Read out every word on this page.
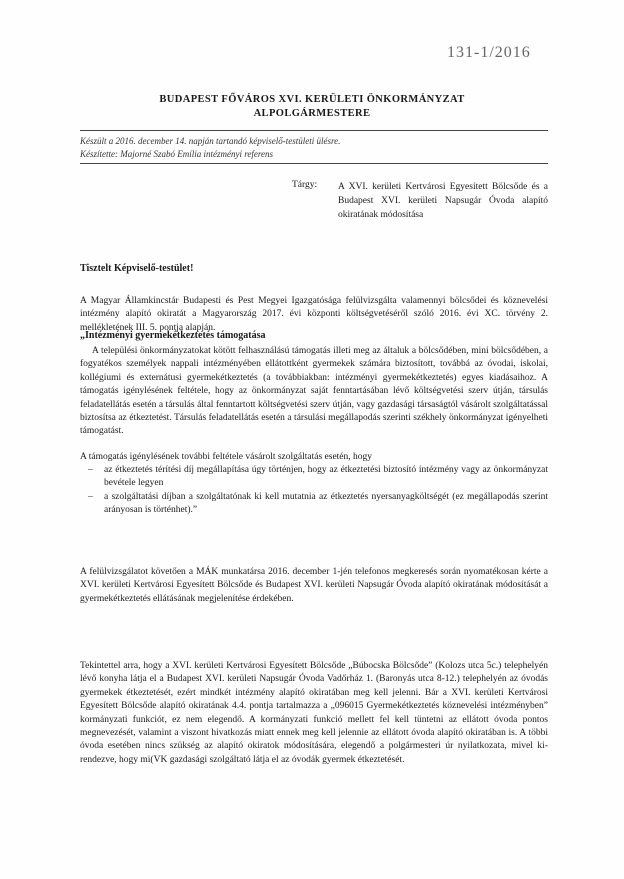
131-1/2016
BUDAPEST FŐVÁROS XVI. KERÜLETI ÖNKORMÁNYZAT
ALPOLGÁRMESTERE
Készült a 2016. december 14. napján tartandó képviselő-testületi ülésre.
Készítette: Majorné Szabó Emília intézményi referens
Tárgy: A XVI. kerületi Kertvárosi Egyesített Bölcsőde és a Budapest XVI. kerületi Napsugár Óvoda alapító okiratának módosítása
Tisztelt Képviselő-testület!

A Magyar Államkincstár Budapesti és Pest Megyei Igazgatósága felülvizsgálta valamennyi bölcsődei és köznevelési intézmény alapító okiratát a Magyarország 2017. évi központi költségvetéséről szóló 2016. évi XC. törvény 2. mellékletének III. 5. pontja alapján.

„Intézményi gyermekétkeztetés támogatása

A települési önkormányzatokat kötött felhasználású támogatás illeti meg az általuk a bölcsődében, mini bölcsődében, a fogyatékos személyek nappali intézményében ellátottként gyermekek számára biztosított, továbbá az óvodai, iskolai, kollégiumi és externátusi gyermekétkeztetés (a továbbiakban: intézményi gyermekétkeztetés) egyes kiadásaihoz. A támogatás igénylésének feltétele, hogy az önkormányzat saját fenntartásában lévő költségvetési szerv útján, társulás feladatellátás esetén a társulás által fenntartott költségvetési szerv útján, vagy gazdasági társaságtól vásárolt szolgáltatással biztosítsa az étkeztetést. Társulás feladatellátás esetén a társulási megállapodás szerinti székhely önkormányzat igényelheti támogatást.

A támogatás igénylésének további feltétele vásárolt szolgáltatás esetén, hogy

– az étkeztetés térítési díj megállapítása úgy történjen, hogy az étkeztetési biztosító intézmény vagy az önkormányzat bevétele legyen
– a szolgáltatási díjban a szolgáltatónak ki kell mutatnia az étkeztetés nyersanyagköltségét (ez megállapodás szerint arányosan is történhet).”

A felülvizsgálatot követően a MÁK munkatársa 2016. december 1-jén telefonos megkeresés során nyomatékosan kérte a XVI. kerületi Kertvárosi Egyesített Bölcsőde és Budapest XVI. kerületi Napsugár Óvoda alapító okiratának módosítását a gyermekétkeztetés ellátásának megjelenítése érdekében.

Tekintettel arra, hogy a XVI. kerületi Kertvárosi Egyesített Bölcsőde „Búbocska Bölcsőde” (Kolozs utca 5c.) telephelyén lévő konyha látja el a Budapest XVI. kerületi Napsugár Óvoda Vadőrház 1. (Baronyás utca 8-12.) telephelyén az óvodás gyermekek étkeztetését, ezért mindkét intézmény alapító okiratában meg kell jelenni. Bár a XVI. kerületi Kertvárosi Egyesített Bölcsőde alapító okiratának 4.4. pontja tartalmazza a „096015 Gyermekétkeztetés köznevelési intézményben” kormányzati funkciót, ez nem elegendő. A kormányzati funkció mellett fel kell tüntetni az ellátott óvoda pontos megnevezését, valamint a viszont hivatkozás miatt ennek meg kell jelennie az ellátott óvoda alapító okiratában is. A többi óvoda esetében nincs szükség az alapító okiratok módosítására, elegendő a polgármesteri úr nyilatkozata, mivel ki-rendezve, hogy mi(VK gazdasági szolgáltató látja el az óvodák gyermek étkeztetését.
